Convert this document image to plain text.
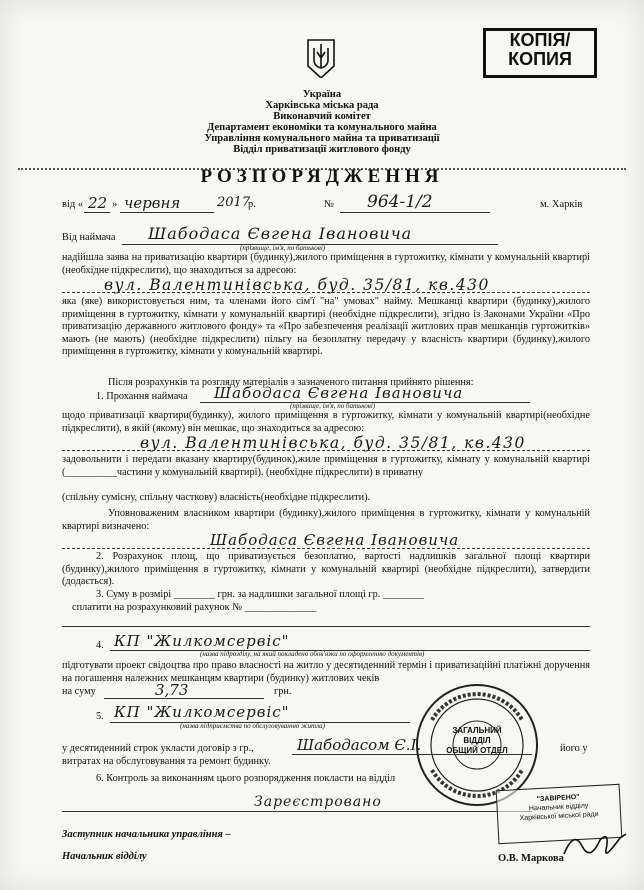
КОПІЯ/
КОПИЯ
Україна
Харківська міська рада
Виконавчий комітет
Департамент економіки та комунального майна
Управління комунального майна та приватизації
Відділ приватизації житлового фонду
РОЗПОРЯДЖЕННЯ
від « 22 » червня	2017
р.	№ 964-1/2	м. Харків
Від наймача	Шабодаса Євгена Івановича
(прізвище, ім'я, по батькові)
надійшла заява на приватизацію квартири (будинку),жилого приміщення в гуртожитку, кімнати у комунальній квартирі (необхідне підкреслити), що знаходиться за адресою:
вул. Валентинівська, буд. 35/81, кв.430
яка (яке) використовується ним, та членами його сім'ї "на" умовах" найму. Мешканці квартири (будинку),жилого приміщення в гуртожитку, кімнати у комунальній квартирі (необхідне підкреслити), згідно із Законами України «Про приватизацію державного житлового фонду» та «Про забезпечення реалізації житлових прав мешканців гуртожитків» мають (не мають) (необхідне підкреслити) пільгу на безоплатну передачу у власність квартири (будинку),жилого приміщення в гуртожитку, кімнати у комунальній квартирі.
Після розрахунків та розгляду матеріалів з зазначеного питання прийнято рішення:
1. Прохання наймача	Шабодаса Євгена Івановича
(прізвище, ім'я, по батькові)
щодо приватизації квартири(будинку), жилого приміщення в гуртожитку, кімнати у комунальній квартирі(необхідне підкреслити), в якій (якому) він мешкає, що знаходиться за адресою:
вул. Валентинівська, буд. 35/81, кв.430
задовольнити і передати вказану квартиру(будинок),жиле приміщення в гуртожитку, кімнату у комунальній квартирі (__________частини у комунальній квартирі). (необхідне підкреслити) в приватну
(спільну сумісну, спільну часткову) власність(необхідне підкреслити).
Уповноваженим власником квартири (будинку),жилого приміщення в гуртожитку, кімнати у комунальній квартирі визначено:
Шабодаса Євгена Івановича
2. Розрахунок площ, що приватизується безоплатно, вартості надлишків загальної площі квартири (будинку),жилого приміщення в гуртожитку, кімнати у комунальній квартирі (необхідне підкреслити), затвердити (додається).
3. Суму в розмірі ________ грн. за надлишки загальної площі гр. ________
сплатити на розрахунковий рахунок № ______________
4. КП "Жилкомсервіс"
(назва підрозділу, на який покладено обов'язки по оформленню документів)
підготувати проект свідоцтва про право власності на житло у десятиденний термін і приватизаційні платіжні доручення на погашення належних мешканцям квартири (будинку) житлових чеків
на суму	3,73	грн.
5. КП "Жилкомсервіс"
(назва підприємства по обслуговуванню житла)
у десятиденний строк укласти договір з гр.,	Шабодасом Є.І.	його у
витратах на обслуговування та ремонт будинку.
6. Контроль за виконанням цього розпорядження покласти на відділ
Зареєстровано
Заступник начальника управління –
Начальник відділу	О.В. Маркова
ЗАГАЛЬНИЙ
ВІДДІЛ
ОБЩИЙ ОТДЕЛ
"ЗАВІРЕНО"
Начальник відділу
Харківської міської ради
